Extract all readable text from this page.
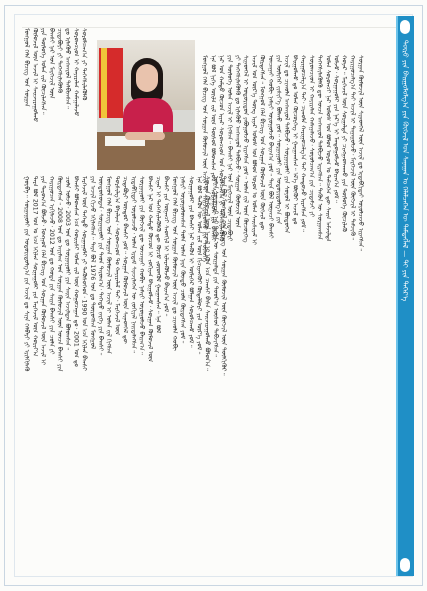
ᠲᠥᠷᠥ ᠶᠢᠨ ᠪᠠᠢᠭᠤᠯᠤᠯᠭ᠎ᠠ ᠶᠢᠨ ᠬᠥᠭᠵᠢᠯ ᠤᠨ ᠰᠠᠨᠠᠭᠠᠨ ᠤ ᠬᠡᠯᠡᠯᠴᠡᠭᠡᠨ ᠦ ᠲᠡᠮᠳᠡᠭᠯᠡᠯ — ᠲᠢ ᠶᠢᠨ ᠳᠡᠭᠡᠷ᠎ᠡ
ᠮᠣᠩᠭᠣᠯ ᠬᠡᠯᠡ ᠪᠢᠴᠢᠭ ᠤᠨ ᠰᠤᠷᠭᠠᠨ ᠬᠦᠮᠦᠵᠢᠯ ᠦᠨ ᠠᠵᠢᠯ ᠢ ᠰᠠᠢᠵᠢᠷᠠᠭᠤᠯᠬᠤ ᠶᠢᠨ ᠲᠥᠯᠥᠭᠡ ᠡᠨᠡ ᠪᠣᠯ ᠨᠢᠭᠡ ᠦᠢᠯᠡ ᠵᠢᠯ ᠦᠨ ᠲᠦᠰᠦᠯ ᠪᠣᠯᠤᠭᠰᠠᠨ ᠶᠤᠮ᠃ ᠰᠤᠷᠭᠠᠭᠤᠯᠢ ᠶᠢᠨ ᠪᠠᠭᠰᠢ ᠨᠠᠷ ᠤᠨ ᠬᠠᠮᠲᠤ ᠬᠦᠴᠦᠨ ᠢᠶᠡᠷ ᠰᠤᠷᠤᠭᠴᠢᠳ ᠤᠨ ᠰᠤᠷᠤᠯᠴᠠᠭ᠎ᠠ ᠶᠢ ᠳᠡᠭᠡᠭᠰᠢᠯᠡᠭᠦᠯᠬᠦ ᠶᠢᠨ ᠲᠥᠯᠥᠭᠡ ᠣᠯᠠᠨ ᠠᠵᠢᠯ ᠢ ᠬᠢᠭᠰᠡᠨ᠃ ᠪᠠᠭᠰᠢ ᠨᠠᠷ ᠤᠨ ᠮᠡᠷᠭᠡᠵᠢᠯ ᠦᠨ ᠴᠢᠳᠠᠪᠤᠷᠢ ᠶᠢ ᠳᠡᠭᠡᠭᠰᠢᠯᠡᠭᠦᠯᠬᠦ ᠳᠤ ᠢᠯᠡᠭᠦᠦ ᠠᠩᠬᠠᠷᠤᠯ ᠲᠠᠯᠪᠢᠵᠤ᠂ ᠰᠤᠷᠭᠠᠨ ᠬᠦᠮᠦᠵᠢᠯ ᠦᠨ ᠰᠢᠨᠡᠳᠬᠡᠯ ᠢ ᠤᠳᠤᠷᠢᠳᠤᠨ ᠶᠠᠪᠤᠭᠤᠯᠵᠤ ᠢᠷᠡᠭᠰᠡᠨ ᠶᠤᠮ᠃ ᠣᠯᠠᠨ ᠵᠢᠯ ᠦᠨ ᠬᠦᠴᠦᠷᠬᠡᠭ ᠠᠵᠢᠯ ᠤᠨ ᠦᠷ᠎ᠡ ᠳᠦᠩ ᠢᠶᠡᠷ ᠤᠯᠤᠰ ᠤᠨ ᠪᠣᠯᠤᠨ ᠣᠷᠣᠨ ᠤ ᠣᠯᠠᠨ ᠰᠠᠢᠰᠢᠶᠠᠯ ᠢ ᠬᠦᠷᠲᠡᠭᠰᠡᠨ᠃ ᠮᠣᠩᠭᠣᠯ ᠬᠡᠯᠡ ᠪᠢᠴᠢᠭ ᠤᠨ ᠰᠤᠷᠭᠠᠨ ᠬᠦᠮᠦᠵᠢᠯ ᠦᠨ ᠬᠥᠭᠵᠢᠯ ᠳᠦ ᠣᠨᠴᠠᠭᠠᠢ ᠬᠤᠪᠢ ᠨᠡᠮᠡᠷᠢ ᠣᠷᠣᠭᠤᠯᠵᠤ ᠪᠠᠢᠭ᠎ᠠ ᠶᠤᠮ᠃ ᠲᠡᠷᠡ ᠪᠣᠯ ᠦᠨᠡᠨᠴᠢ ᠪᠠᠭᠰᠢ ᠶᠢᠨ ᠦᠯᠢᠭᠡᠷ ᠵᠢᠱᠢᠶ᠎ᠡ ᠪᠣᠯᠬᠤ ᠶᠤᠮ᠃ ᠰᠤᠷᠭᠠᠭᠤᠯᠢ ᠶᠢᠨ ᠤᠳᠤᠷᠢᠳᠤᠯᠭ᠎ᠠ ᠶᠢᠨ ᠠᠵᠢᠯ ᠳᠤ ᠴᠢᠬᠤᠯᠠ ᠠᠩᠬᠠᠷᠤᠯ ᠲᠠᠯᠪᠢᠵᠤ᠂ ᠰᠤᠷᠭᠠᠭᠤᠯᠢ ᠶᠢᠨ ᠰᠣᠶᠣᠯ ᠢ ᠪᠦᠲᠦᠭᠡᠨ ᠪᠠᠢᠭᠤᠯᠬᠤ ᠳᠤ ᠣᠯᠠᠨ ᠬᠦᠴᠦᠷᠬᠡᠭ ᠢ ᠭᠠᠷᠭᠠᠭᠰᠠᠨ᠃ ᠡᠯ᠎ᠡ ᠪᠦᠬᠦᠢ ᠠᠵᠢᠯ ᠳᠤ ᠬᠠᠷᠢᠭᠤᠴᠠᠯᠭ᠎ᠠ ᠲᠠᠢ᠂ ᠴᠢᠬᠤᠯᠠ ᠬᠠᠷᠢᠭᠤᠴᠠᠯᠭ᠎ᠠ ᠲᠠᠢ ᠬᠠᠨᠳᠤᠵᠤ ᠢᠷᠡᠭᠰᠡᠨ ᠶᠤᠮ᠃ ᠰᠤᠷᠤᠭᠴᠢᠳ ᠢ ᠬᠠᠶᠢᠷᠠᠯᠠᠨ ᠬᠠᠮᠠᠭᠠᠯᠠᠵᠤ᠂ ᠰᠤᠷᠤᠯᠴᠠᠭ᠎ᠠ ᠶᠢᠨ ᠴᠢᠳᠠᠮᠵᠢ ᠶᠢ ᠳᠡᠭᠡᠭᠰᠢᠯᠡᠭᠦᠯᠬᠦ ᠳᠦ ᠣᠨᠴᠠ ᠠᠩᠬᠠᠷᠤᠯ ᠲᠠᠯᠪᠢᠵᠤ ᠢᠷᠡᠭᠰᠡᠨ᠃ ᠲᠡᠭᠦᠨ ᠦ ᠰᠤᠷᠭᠠᠭᠰᠠᠨ ᠣᠯᠠᠨ ᠰᠤᠷᠤᠭᠴᠢ ᠨᠠᠷ ᠤᠯᠤᠰ ᠤᠨ ᠪᠣᠯᠤᠨ ᠣᠷᠣᠨ ᠤ ᠲᠡᠮᠴᠡᠭᠡᠨ ᠳᠦ ᠰᠠᠢᠨ ᠠᠮᠵᠢᠯᠲᠠ ᠣᠯᠵᠤ᠂ ᠰᠤᠷᠭᠠᠭᠤᠯᠢ ᠶᠢᠨ ᠨᠡᠷ᠎ᠡ ᠢ ᠮᠠᠨᠳᠤᠭᠤᠯᠵᠤ ᠪᠠᠢᠭ᠎ᠠ ᠶᠤᠮ᠃ ᠬᠣᠶᠠᠷ᠃ ᠮᠡᠷᠭᠡᠵᠢᠯ ᠦᠨ ᠰᠤᠷᠭᠠᠯᠲᠠ ᠶᠢ ᠴᠢᠩᠭᠠᠳᠬᠠᠬᠤ ᠶᠢᠨ ᠲᠥᠯᠥᠭᠡ ᠬᠦᠴᠢᠯᠡᠬᠦ ᠬᠠᠷᠢᠭᠤᠴᠠᠯᠭ᠎ᠠ ᠲᠠᠢ ᠠᠵᠢᠯ ᠢ ᠳᠠᠭᠠᠭᠤᠯᠵᠤ᠂ ᠮᠡᠷᠭᠡᠵᠢᠯ ᠦᠨ ᠬᠥᠭᠵᠢᠯ ᠢ ᠳᠡᠮᠵᠢᠬᠦ᠃ ᠰᠤᠷᠭᠠᠨ ᠬᠦᠮᠦᠵᠢᠯ ᠦᠨ ᠰᠢᠨᠡᠳᠬᠡᠯ ᠦᠨ ᠠᠵᠢᠯ ᠳᠤ ᠢᠳᠡᠪᠬᠢᠲᠡᠢ ᠣᠷᠣᠯᠴᠠᠵᠤ ᠢᠷᠡᠭᠰᠡᠨ᠃
ᠮᠣᠩᠭᠣᠯ ᠬᠡᠯᠡ ᠪᠢᠴᠢᠭ ᠤᠨ ᠰᠤᠷᠭᠠᠨ ᠬᠦᠮᠦᠵᠢᠯ ᠦᠨ ᠠᠵᠢᠯ ᠢ ᠰᠠᠢᠵᠢᠷᠠᠭᠤᠯᠬᠤ ᠶᠢᠨ ᠲᠥᠯᠥᠭᠡ ᠣᠯᠠᠨ ᠵᠢᠯ ᠬᠦᠴᠢᠯᠡᠭᠰᠡᠨ᠃ ᠪᠠᠭᠰᠢ ᠨᠠᠷ ᠤᠨ ᠮᠡᠷᠭᠡᠵᠢᠯ ᠦᠨ ᠴᠢᠳᠠᠪᠤᠷᠢ ᠶᠢ ᠳᠡᠭᠡᠭᠰᠢᠯᠡᠭᠦᠯᠬᠦ ᠳᠤ ᠢᠯᠡᠭᠦᠦ ᠠᠩᠬᠠᠷᠤᠯ ᠲᠠᠯᠪᠢᠭᠰᠠᠨ᠃ ᠰᠤᠷᠤᠭᠴᠢᠳ ᠢ ᠬᠠᠶᠢᠷᠠᠯᠠᠨ ᠬᠠᠮᠠᠭᠠᠯᠠᠵᠤ ᠰᠤᠷᠤᠯᠴᠠᠭ᠎ᠠ ᠶᠢ ᠳᠡᠭᠡᠭᠰᠢᠯᠡᠭᠦᠯᠬᠦ
ᠭᠤᠷᠪᠠ᠃ ᠰᠤᠷᠭᠠᠭᠤᠯᠢ ᠶᠢᠨ ᠤᠳᠤᠷᠢᠳᠤᠯᠭ᠎ᠠ ᠶᠢᠨ ᠠᠵᠢᠯ ᠳᠤ ᠰᠢᠨᠡ ᠬᠡᠯᠪᠡᠷᠢ ᠶᠢ ᠡᠷᠢᠯᠬᠢᠯᠡᠬᠦ ᠲᠡᠷᠡ ᠪᠣᠯ 2017 ᠣᠨ ᠤ ᠡᠴᠡ ᠡᠬᠢᠯᠡᠨ ᠰᠤᠷᠭᠠᠭᠤᠯᠢ ᠶᠢᠨ ᠮᠡᠷᠭᠡᠵᠢᠯ ᠦᠨ ᠬᠣᠷᠢᠶ᠎ᠠ ᠶᠢᠨ ᠳᠠᠷᠤᠭ᠎ᠠ ᠪᠣᠯᠵᠤ᠂ ᠮᠣᠩᠭᠣᠯ ᠬᠡᠯᠡ ᠪᠢᠴᠢᠭ ᠤᠨ ᠰᠤᠷᠭᠠᠨ ᠬᠦᠮᠦᠵᠢᠯ ᠦᠨ ᠠᠵᠢᠯ ᠢ ᠬᠠᠷᠢᠭᠤᠴᠠᠨ ᠡᠷᠬᠢᠯᠡᠵᠦ᠂ 2012 ᠣᠨ ᠳᠤ ᠬᠣᠲᠠ ᠶᠢᠨ ᠰᠠᠢᠨ ᠪᠠᠭᠰᠢ ᠶᠢᠨ ᠴᠣᠯᠠ ᠶᠢ ᠬᠦᠷᠲᠡᠭᠰᠡᠨ᠃ 2008 ᠣᠨ ᠳᠤ ᠠᠶᠢᠮᠠᠭ ᠤᠨ ᠰᠤᠷᠭᠠᠨ ᠬᠦᠮᠦᠵᠢᠯ ᠦᠨ ᠣᠨᠴᠠ ᠪᠠᠭᠰᠢ ᠶᠢᠨ ᠴᠣᠯᠠ ᠣᠯᠵᠤ᠂ 2003 ᠣᠨ ᠳᠤ ᠰᠤᠷᠭᠠᠭᠤᠯᠢ ᠶᠢᠨ ᠰᠠᠢᠨ ᠠᠵᠢᠯᠲᠠᠨ ᠪᠣᠯᠤᠭᠰᠠᠨ᠃ ᠪᠠᠭᠰᠢ ᠪᠣᠯᠤᠭᠰᠠᠨ ᠡᠴᠡ ᠬᠤᠢᠢᠰᠢ ᠣᠯᠠᠨ ᠵᠢᠯ ᠦᠨ ᠬᠤᠭᠤᠴᠠᠭᠠᠨ ᠳᠤ᠂ 2001 ᠣᠨ ᠳᠤ ᠮᠡᠷᠭᠡᠵᠢᠯ ᠦᠨ ᠳᠡᠭᠡᠳᠦ ᠰᠤᠷᠭᠠᠭᠤᠯᠢ ᠶᠢ ᠲᠡᠭᠦᠰᠦᠭᠡᠳ᠂ 1990 ᠣᠨ ᠡᠴᠡ ᠡᠬᠢᠯᠡᠨ ᠪᠠᠭᠰᠢ ᠶᠢᠨ ᠠᠵᠢᠯ ᠬᠢᠵᠦ ᠡᠬᠢᠯᠡᠭᠰᠡᠨ᠃ ᠲᠡᠷᠡ ᠪᠣᠯ 1976 ᠣᠨ ᠳᠤ ᠲᠥᠷᠥᠭᠰᠡᠨ ᠮᠣᠩᠭᠣᠯ ᠦᠨᠳᠦᠰᠦᠲᠡᠨ᠂ ᠰᠤᠷᠭᠠᠭᠤᠯᠢ ᠶᠢᠨ ᠳᠡᠳ ᠳᠠᠷᠤᠭ᠎ᠠ᠂ ᠳᠡᠭᠡᠳᠦ ᠵᠡᠷᠭᠡ ᠶᠢᠨ ᠪᠠᠭᠰᠢ᠃ ᠮᠣᠩᠭᠣᠯ ᠬᠡᠯᠡ ᠪᠢᠴᠢᠭ ᠤᠨ ᠰᠤᠷᠭᠠᠨ ᠬᠦᠮᠦᠵᠢᠯ ᠦᠨ ᠠᠵᠢᠯ ᠢ ᠣᠯᠠᠨ ᠵᠢᠯ ᠬᠢᠭᠰᠡᠨ ᠲᠤᠷᠰᠢᠯᠭ᠎ᠠ ᠪᠠᠶᠠᠯᠢᠭ᠂ ᠰᠤᠷᠤᠭᠴᠢᠳ ᠲᠤ ᠬᠠᠶᠢᠷᠠᠯᠠᠯ ᠲᠠᠢ᠂ ᠮᠡᠷᠭᠡᠵᠢᠯ ᠦᠨ ᠴᠢᠳᠠᠪᠤᠷᠢ ᠥᠨᠳᠥᠷ ᠪᠠᠭᠰᠢ ᠶᠤᠮ᠃ ᠰᠤᠷᠭᠠᠨ ᠬᠦᠮᠦᠵᠢᠯ ᠦᠨ ᠰᠢᠨᠡᠳᠬᠡᠯ ᠳᠦ ᠢᠳᠡᠪᠬᠢᠲᠡᠢ ᠣᠷᠣᠯᠴᠠᠵᠤ᠂ ᠣᠯᠠᠨ ᠡᠷᠳᠡᠮ ᠰᠢᠨᠵᠢᠯᠡᠭᠡᠨ ᠦ ᠵᠣᠬᠢᠶᠠᠯ ᠨᠡᠢᠲᠡᠯᠡᠭᠰᠡᠨ᠃ ᠰᠤᠷᠭᠠᠭᠤᠯᠢ ᠶᠢᠨ ᠬᠥᠭᠵᠢᠯ ᠳᠦ ᠣᠨᠴᠠᠭᠠᠢ ᠬᠤᠪᠢ ᠨᠡᠮᠡᠷᠢ ᠣᠷᠣᠭᠤᠯᠵᠤ ᠪᠠᠢᠭ᠎ᠠ᠃ ᠪᠠᠭᠰᠢ ᠨᠠᠷ ᠤᠨ ᠬᠠᠮᠲᠤ ᠬᠦᠴᠦᠨ ᠢ ᠵᠣᠬᠢᠶᠠᠨ ᠪᠠᠢᠭᠤᠯᠵᠤ᠂ ᠰᠤᠷᠭᠠᠨ ᠬᠦᠮᠦᠵᠢᠯ ᠦᠨ ᠴᠢᠨᠠᠷ ᠢ ᠳᠡᠭᠡᠭᠰᠢᠯᠡᠭᠦᠯᠬᠦ ᠳᠦ ᠬᠦᠴᠦ ᠵᠦᠳᠭᠦᠯ ᠭᠠᠷᠭᠠᠭᠰᠠᠨ᠃ ᠡᠨᠡ ᠪᠣᠯ ᠪᠠᠭᠰᠢ ᠶᠢᠨ ᠦᠨᠡᠨᠴᠢ ᠰᠡᠳᠬᠢᠯ ᠢ ᠢᠯᠡᠷᠡᠭᠦᠯᠵᠦ ᠪᠠᠢᠭ᠎ᠠ ᠶᠤᠮ᠃ ᠮᠣᠩᠭᠣᠯ ᠬᠡᠯᠡ ᠪᠢᠴᠢᠭ ᠤᠨ ᠰᠤᠷᠭᠠᠨ ᠬᠦᠮᠦᠵᠢᠯ ᠦᠨ ᠠᠵᠢᠯ ᠳᠤ ᠴᠢᠬᠤᠯᠠ ᠬᠤᠪᠢ ᠨᠡᠮᠡᠷᠢ ᠣᠷᠣᠭᠤᠯᠤᠭᠰᠠᠨ ᠲᠤᠯᠠ ᠣᠯᠠᠨ ᠨᠡᠷᠡ ᠬᠦᠨᠳᠦ ᠴᠣᠯᠠ ᠬᠦᠷᠲᠡᠭᠰᠡᠨ ᠶᠤᠮ᠃ ᠰᠤᠷᠭᠠᠭᠤᠯᠢ ᠶᠢᠨ ᠪᠠᠭᠰᠢ ᠨᠠᠷ ᠲᠡᠭᠦᠨ ᠢ ᠦᠯᠢᠭᠡᠷ ᠪᠣᠯᠭᠠᠨ ᠰᠤᠷᠤᠯᠴᠠᠬᠤ ᠶᠤᠮ᠃ ᠡᠨᠡ ᠪᠣᠯ ᠲᠡᠭᠦᠨ ᠦ ᠣᠯᠠᠨ ᠵᠢᠯ ᠦᠨ ᠬᠢᠴᠢᠶᠡᠩᠭᠦᠢ ᠬᠥᠳᠡᠯᠮᠦᠷᠢ ᠶᠢᠨ ᠦᠷ᠎ᠡ ᠶᠤᠮ᠃ ᠰᠤᠷᠭᠠᠨ ᠬᠦᠮᠦᠵᠢᠯ ᠦᠨ ᠠᠵᠢᠯ ᠢ ᠡᠭᠦᠨ ᠡᠴᠡ ᠴᠠᠭᠰᠢ ᠪᠠᠰᠠ ᠰᠠᠢᠵᠢᠷᠠᠭᠤᠯᠬᠤ ᠪᠣᠯᠤᠨ᠎ᠠ᠃ ᠣᠯᠠᠨ ᠰᠤᠷᠤᠭᠴᠢ ᠨᠠᠷ ᠲᠡᠭᠦᠨ ᠦ ᠰᠤᠷᠭᠠᠯᠲᠠ ᠶᠢᠨ ᠳᠣᠣᠷ᠎ᠠ ᠥᠰᠦᠨ ᠳᠡᠪᠵᠢᠭᠰᠡᠨ᠃ ᠲᠡᠷᠡ ᠪᠣᠯ ᠮᠣᠩᠭᠣᠯ ᠬᠡᠯᠡ ᠪᠢᠴᠢᠭ ᠤᠨ ᠰᠤᠷᠭᠠᠨ ᠬᠦᠮᠦᠵᠢᠯ ᠦᠨ ᠬᠥᠭᠵᠢᠯ ᠦᠨ ᠲᠦᠯᠬᠢᠭᠦᠷ᠃
